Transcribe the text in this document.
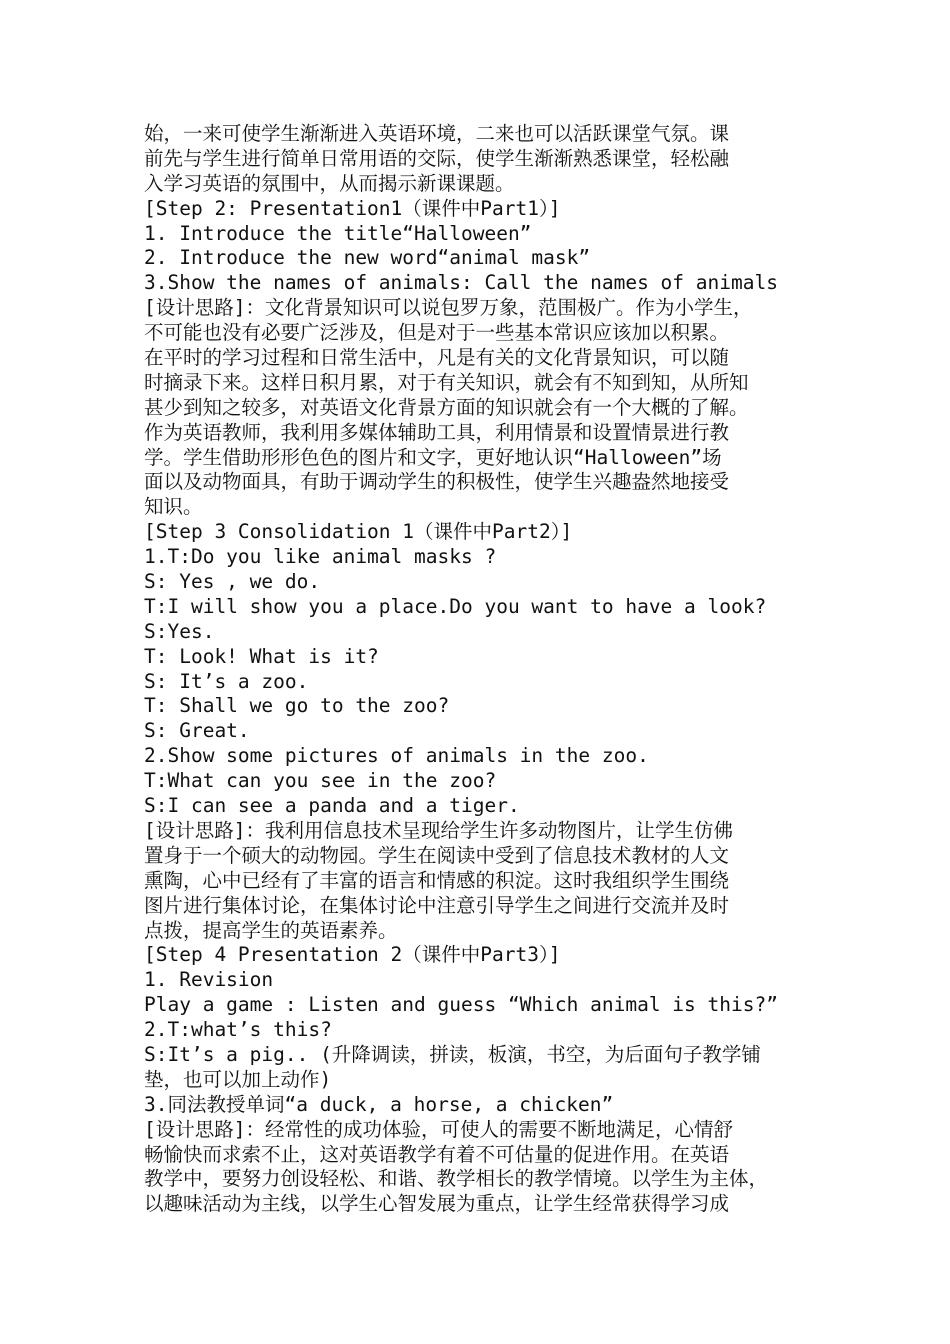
始，一来可使学生渐渐进入英语环境，二来也可以活跃课堂气氛。课
前先与学生进行简单日常用语的交际，使学生渐渐熟悉课堂，轻松融
入学习英语的氛围中，从而揭示新课课题。
[Step 2: Presentation1（课件中Part1）]
1. Introduce the title“Halloween”
2. Introduce the new word“animal mask”
3.Show the names of animals: Call the names of animals
[设计思路]：文化背景知识可以说包罗万象，范围极广。作为小学生，
不可能也没有必要广泛涉及，但是对于一些基本常识应该加以积累。
在平时的学习过程和日常生活中，凡是有关的文化背景知识，可以随
时摘录下来。这样日积月累，对于有关知识，就会有不知到知，从所知
甚少到知之较多，对英语文化背景方面的知识就会有一个大概的了解。
作为英语教师，我利用多媒体辅助工具，利用情景和设置情景进行教
学。学生借助形形色色的图片和文字，更好地认识“Halloween”场
面以及动物面具，有助于调动学生的积极性，使学生兴趣盎然地接受
知识。
[Step 3 Consolidation 1（课件中Part2）]
1.T:Do you like animal masks ?
S: Yes , we do.
T:I will show you a place.Do you want to have a look?
S:Yes.
T: Look! What is it?
S: It’s a zoo.
T: Shall we go to the zoo?
S: Great.
2.Show some pictures of animals in the zoo.
T:What can you see in the zoo?
S:I can see a panda and a tiger.
[设计思路]：我利用信息技术呈现给学生许多动物图片，让学生仿佛
置身于一个硕大的动物园。学生在阅读中受到了信息技术教材的人文
熏陶，心中已经有了丰富的语言和情感的积淀。这时我组织学生围绕
图片进行集体讨论，在集体讨论中注意引导学生之间进行交流并及时
点拨，提高学生的英语素养。
[Step 4 Presentation 2（课件中Part3）]
1. Revision
Play a game : Listen and guess “Which animal is this?”
2.T:what’s this?
S:It’s a pig.. (升降调读，拼读，板演，书空，为后面句子教学铺
垫，也可以加上动作)
3.同法教授单词“a duck, a horse, a chicken”
[设计思路]：经常性的成功体验，可使人的需要不断地满足，心情舒
畅愉快而求索不止，这对英语教学有着不可估量的促进作用。在英语
教学中，要努力创设轻松、和谐、教学相长的教学情境。以学生为主体，
以趣味活动为主线，以学生心智发展为重点，让学生经常获得学习成
